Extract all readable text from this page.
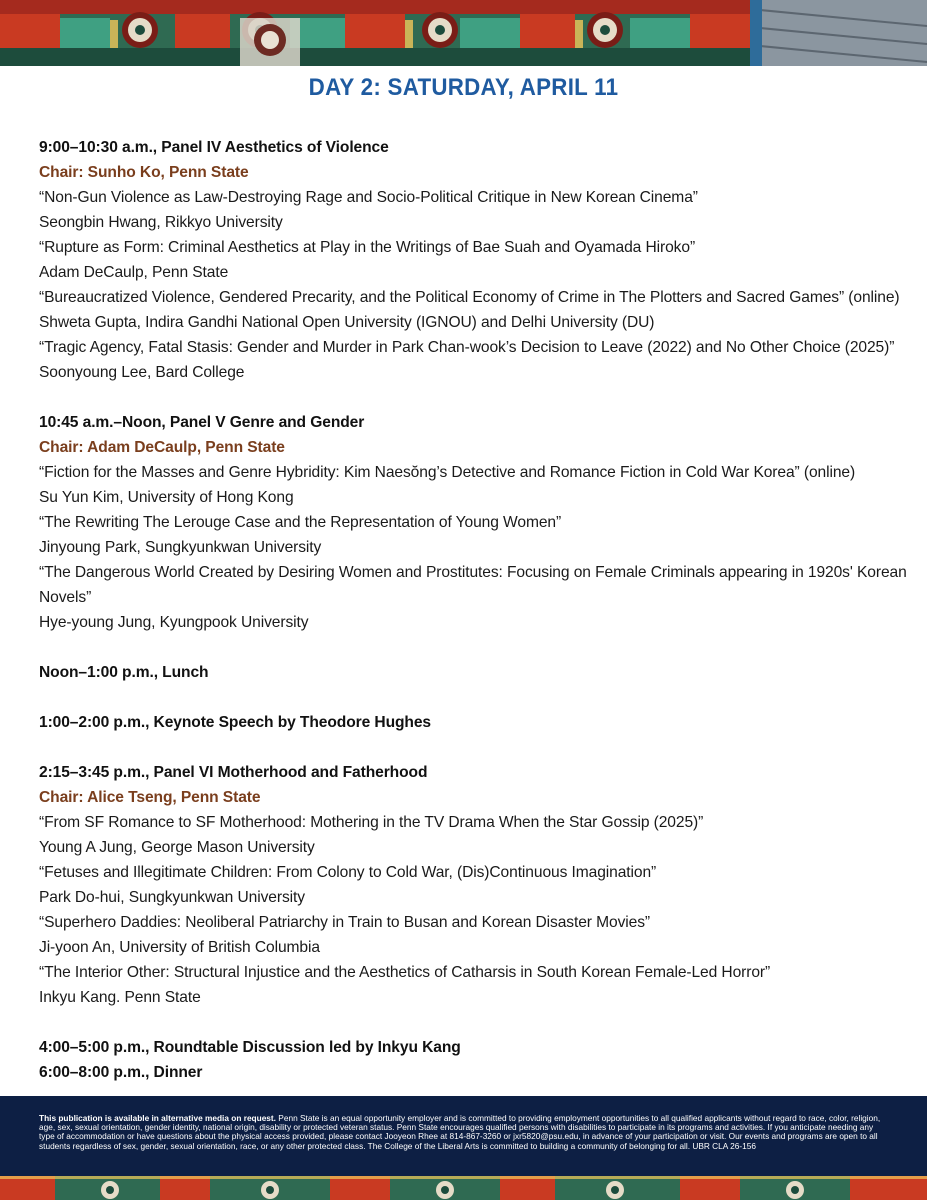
DAY 2: SATURDAY, APRIL 11
9:00–10:30 a.m., Panel IV Aesthetics of Violence
Chair: Sunho Ko, Penn State
“Non-Gun Violence as Law-Destroying Rage and Socio-Political Critique in New Korean Cinema”
Seongbin Hwang, Rikkyo University
“Rupture as Form: Criminal Aesthetics at Play in the Writings of Bae Suah and Oyamada Hiroko”
Adam DeCaulp, Penn State
“Bureaucratized Violence, Gendered Precarity, and the Political Economy of Crime in The Plotters and Sacred Games” (online)
Shweta Gupta, Indira Gandhi National Open University (IGNOU) and Delhi University (DU)
“Tragic Agency, Fatal Stasis: Gender and Murder in Park Chan-wook’s Decision to Leave (2022) and No Other Choice (2025)”
Soonyoung Lee, Bard College
10:45 a.m.–Noon, Panel V Genre and Gender
Chair: Adam DeCaulp, Penn State
“Fiction for the Masses and Genre Hybridity: Kim Naesŏng’s Detective and Romance Fiction in Cold War Korea” (online)
Su Yun Kim, University of Hong Kong
“The Rewriting The Lerouge Case and the Representation of Young Women”
Jinyoung Park, Sungkyunkwan University
“The Dangerous World Created by Desiring Women and Prostitutes: Focusing on Female Criminals appearing in 1920s' Korean Novels”
Hye-young Jung, Kyungpook University
Noon–1:00 p.m., Lunch
1:00–2:00 p.m., Keynote Speech by Theodore Hughes
2:15–3:45 p.m., Panel VI Motherhood and Fatherhood
Chair: Alice Tseng, Penn State
“From SF Romance to SF Motherhood: Mothering in the TV Drama When the Star Gossip (2025)”
Young A Jung, George Mason University
“Fetuses and Illegitimate Children: From Colony to Cold War, (Dis)Continuous Imagination”
Park Do-hui, Sungkyunkwan University
“Superhero Daddies: Neoliberal Patriarchy in Train to Busan and Korean Disaster Movies”
Ji-yoon An, University of British Columbia
“The Interior Other: Structural Injustice and the Aesthetics of Catharsis in South Korean Female-Led Horror”
Inkyu Kang. Penn State
4:00–5:00 p.m., Roundtable Discussion led by Inkyu Kang
6:00–8:00 p.m., Dinner

This publication is available in alternative media on request. Penn State is an equal opportunity employer and is committed to providing employment opportunities to all qualified applicants without regard to race, color, religion, age, sex, sexual orientation, gender identity, national origin, disability or protected veteran status. Penn State encourages qualified persons with disabilities to participate in its programs and activities. If you anticipate needing any type of accommodation or have questions about the physical access provided, please contact Jooyeon Rhee at 814-867-3260 or jxr5820@psu.edu, in advance of your participation or visit. Our events and programs are open to all students regardless of sex, gender, sexual orientation, race, or any other protected class. The College of the Liberal Arts is committed to building a community of belonging for all. UBR CLA 26-156
